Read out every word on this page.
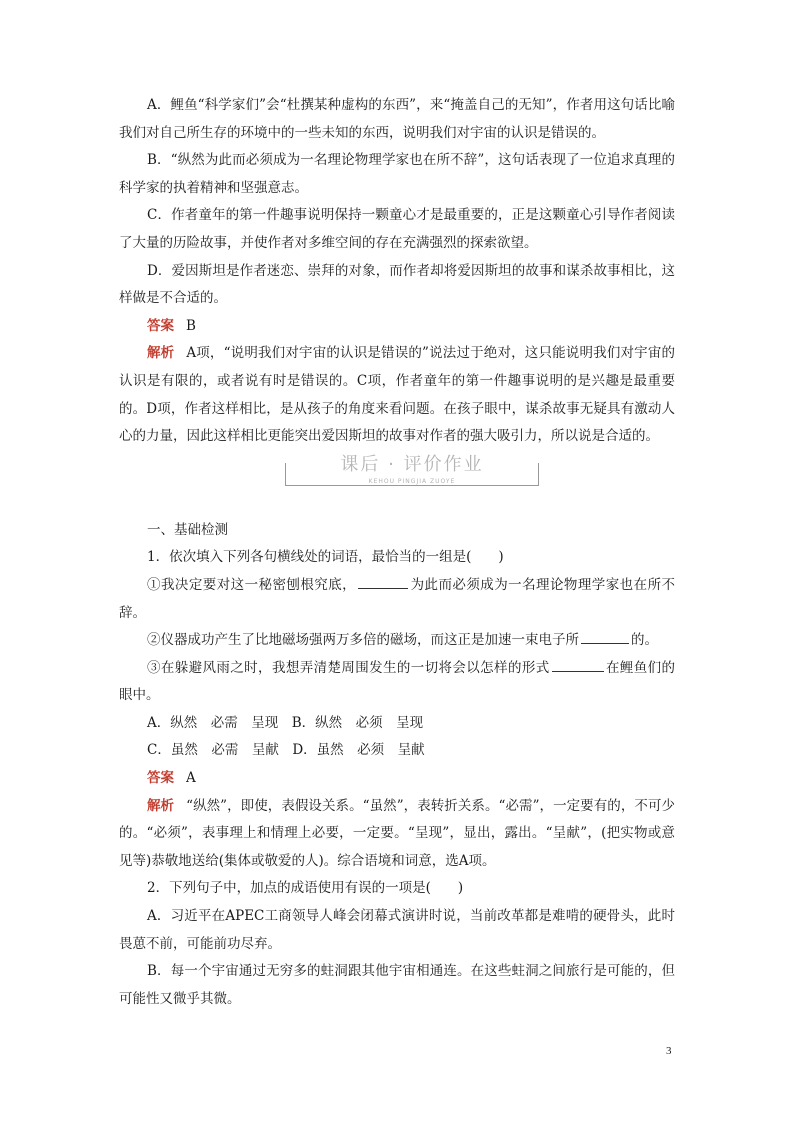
A．鲤鱼“科学家们”会“杜撰某种虚构的东西”，来“掩盖自己的无知”，作者用这句话比喻我们对自己所生存的环境中的一些未知的东西，说明我们对宇宙的认识是错误的。

B．“纵然为此而必须成为一名理论物理学家也在所不辞”，这句话表现了一位追求真理的科学家的执着精神和坚强意志。

C．作者童年的第一件趣事说明保持一颗童心才是最重要的，正是这颗童心引导作者阅读了大量的历险故事，并使作者对多维空间的存在充满强烈的探索欲望。

D．爱因斯坦是作者迷恋、崇拜的对象，而作者却将爱因斯坦的故事和谋杀故事相比，这样做是不合适的。

答案 B

解析 A项，“说明我们对宇宙的认识是错误的”说法过于绝对，这只能说明我们对宇宙的认识是有限的，或者说有时是错误的。C项，作者童年的第一件趣事说明的是兴趣是最重要的。D项，作者这样相比，是从孩子的角度来看问题。在孩子眼中，谋杀故事无疑具有激动人心的力量，因此这样相比更能突出爱因斯坦的故事对作者的强大吸引力，所以说是合适的。

课后 · 评价作业
KEHOU PINGJIA ZUOYE

一、基础检测

1．依次填入下列各句横线处的词语，最恰当的一组是(　　)

①我决定要对这一秘密刨根究底，	为此而必须成为一名理论物理学家也在所不辞。

②仪器成功产生了比地磁场强两万多倍的磁场，而这正是加速一束电子所	的。

③在躲避风雨之时，我想弄清楚周围发生的一切将会以怎样的形式	在鲤鱼们的眼中。

A．纵然　必需　呈现　B．纵然　必须　呈现

C．虽然　必需　呈献　D．虽然　必须　呈献

答案 A

解析 “纵然”，即使，表假设关系。“虽然”，表转折关系。“必需”，一定要有的，不可少的。“必须”，表事理上和情理上必要，一定要。“呈现”，显出，露出。“呈献”，(把实物或意见等)恭敬地送给(集体或敬爱的人)。综合语境和词意，选A项。

2．下列句子中，加点的成语使用有误的一项是(　　)

A．习近平在APEC工商领导人峰会闭幕式演讲时说，当前改革都是难啃的硬骨头，此时畏葸不前，可能前功尽弃。

B．每一个宇宙通过无穷多的蛀洞跟其他宇宙相通连。在这些蛀洞之间旅行是可能的，但可能性又微乎其微。

3
